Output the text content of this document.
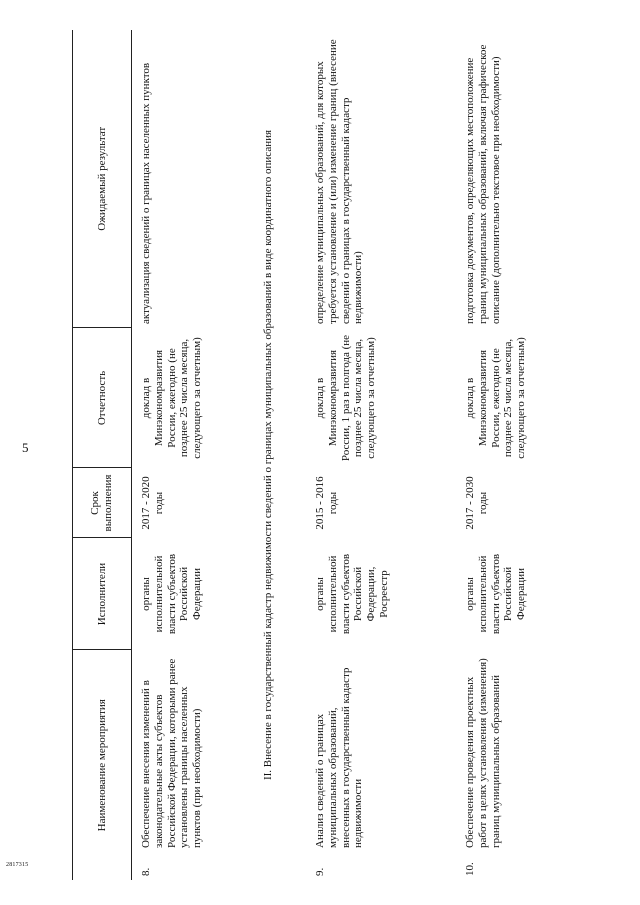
5
Наименование мероприятия	Исполнители	Срок выполнения	Отчетность	Ожидаемый результат

8.
Обеспечение внесения изменений в законодательные акты субъектов Российской Федерации, которыми ранее установлены границы населенных пунктов (при необходимости)	органы исполнительной власти субъектов Российской Федерации	2017 - 2020 годы	доклад в Минэкономразвития России, ежегодно (не позднее 25 числа месяца, следующего за отчетным)	актуализация сведений о границах населенных пунктов
II. Внесение в государственный кадастр недвижимости сведений о границах муниципальных образований в виде координатного описания				

9.
Анализ сведений о границах муниципальных образований, внесенных в государственный кадастр недвижимости	органы исполнительной власти субъектов Российской Федерации, Росреестр	2015 - 2016 годы	доклад в Минэкономразвития России, 1 раз в полгода (не позднее 25 числа месяца, следующего за отчетным)	определение муниципальных образований, для которых требуется установление и (или) изменение границ (внесение сведений о границах в государственный кадастр недвижимости)

10.
Обеспечение проведения проектных работ в целях установления (изменения) границ муниципальных образований	органы исполнительной власти субъектов Российской Федерации	2017 - 2030 годы	доклад в Минэкономразвития России, ежегодно (не позднее 25 числа месяца, следующего за отчетным)	подготовка документов, определяющих местоположение границ муниципальных образований, включая графическое описание (дополнительно текстовое при необходимости)
2817315
